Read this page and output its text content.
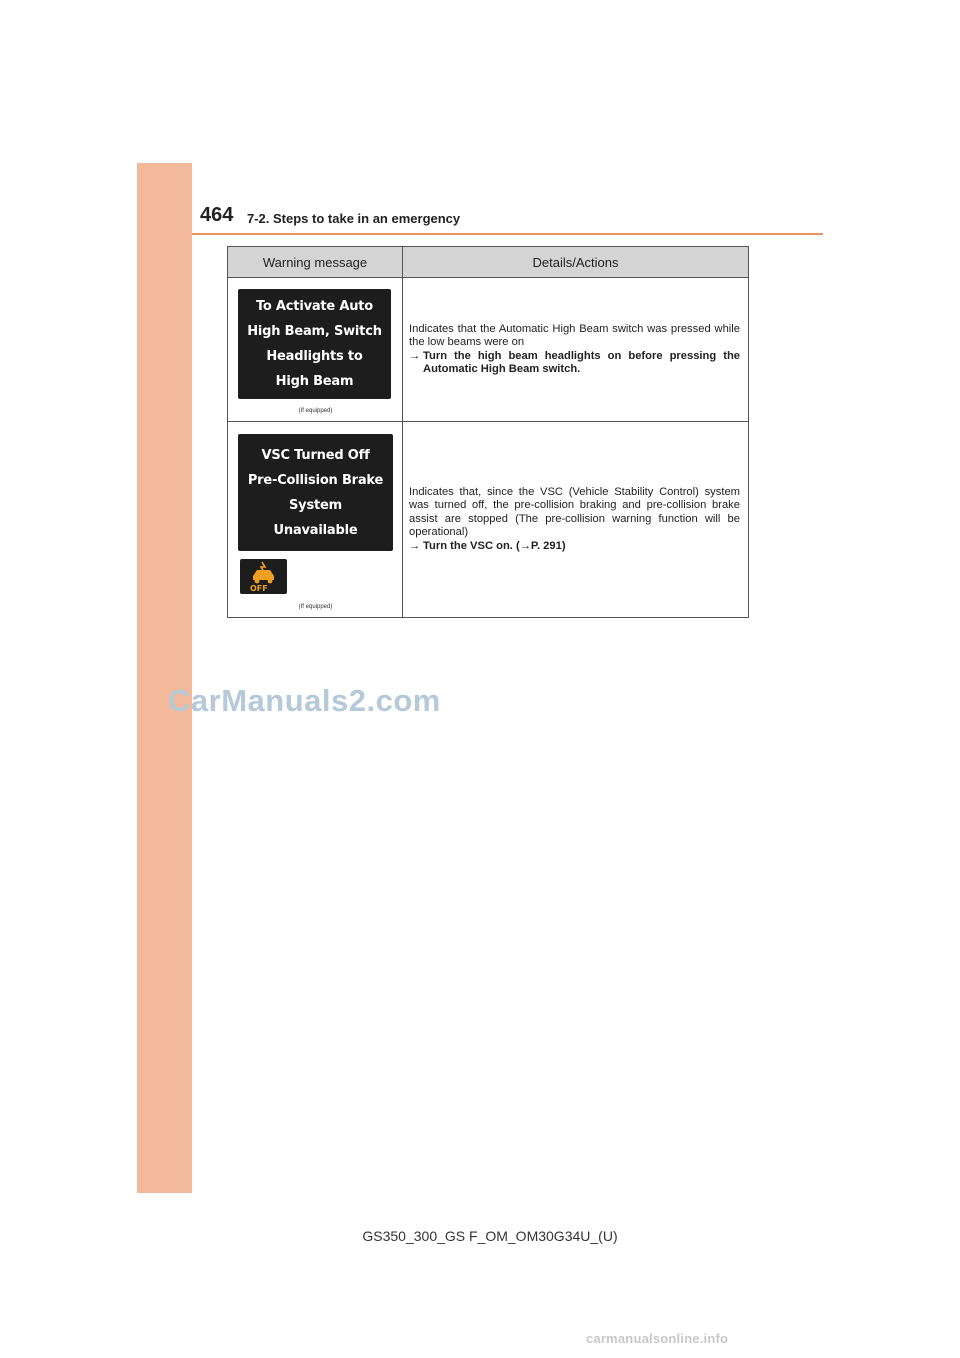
464 7-2. Steps to take in an emergency
Warning message	Details/Actions
To Activate Auto
High Beam, Switch
Headlights to
High Beam
(If equipped)
Indicates that the Automatic High Beam switch was pressed while the low beams were on
→ Turn the high beam headlights on before pressing the Automatic High Beam switch.
VSC Turned Off
Pre-Collision Brake
System
Unavailable
OFF
(If equipped)
Indicates that, since the VSC (Vehicle Stability Control) system was turned off, the pre-collision braking and pre-collision brake assist are stopped (The pre-collision warning function will be operational)
→ Turn the VSC on. (→P. 291)
CarManuals2.com
GS350_300_GS F_OM_OM30G34U_(U)
carmanualsonline.info
